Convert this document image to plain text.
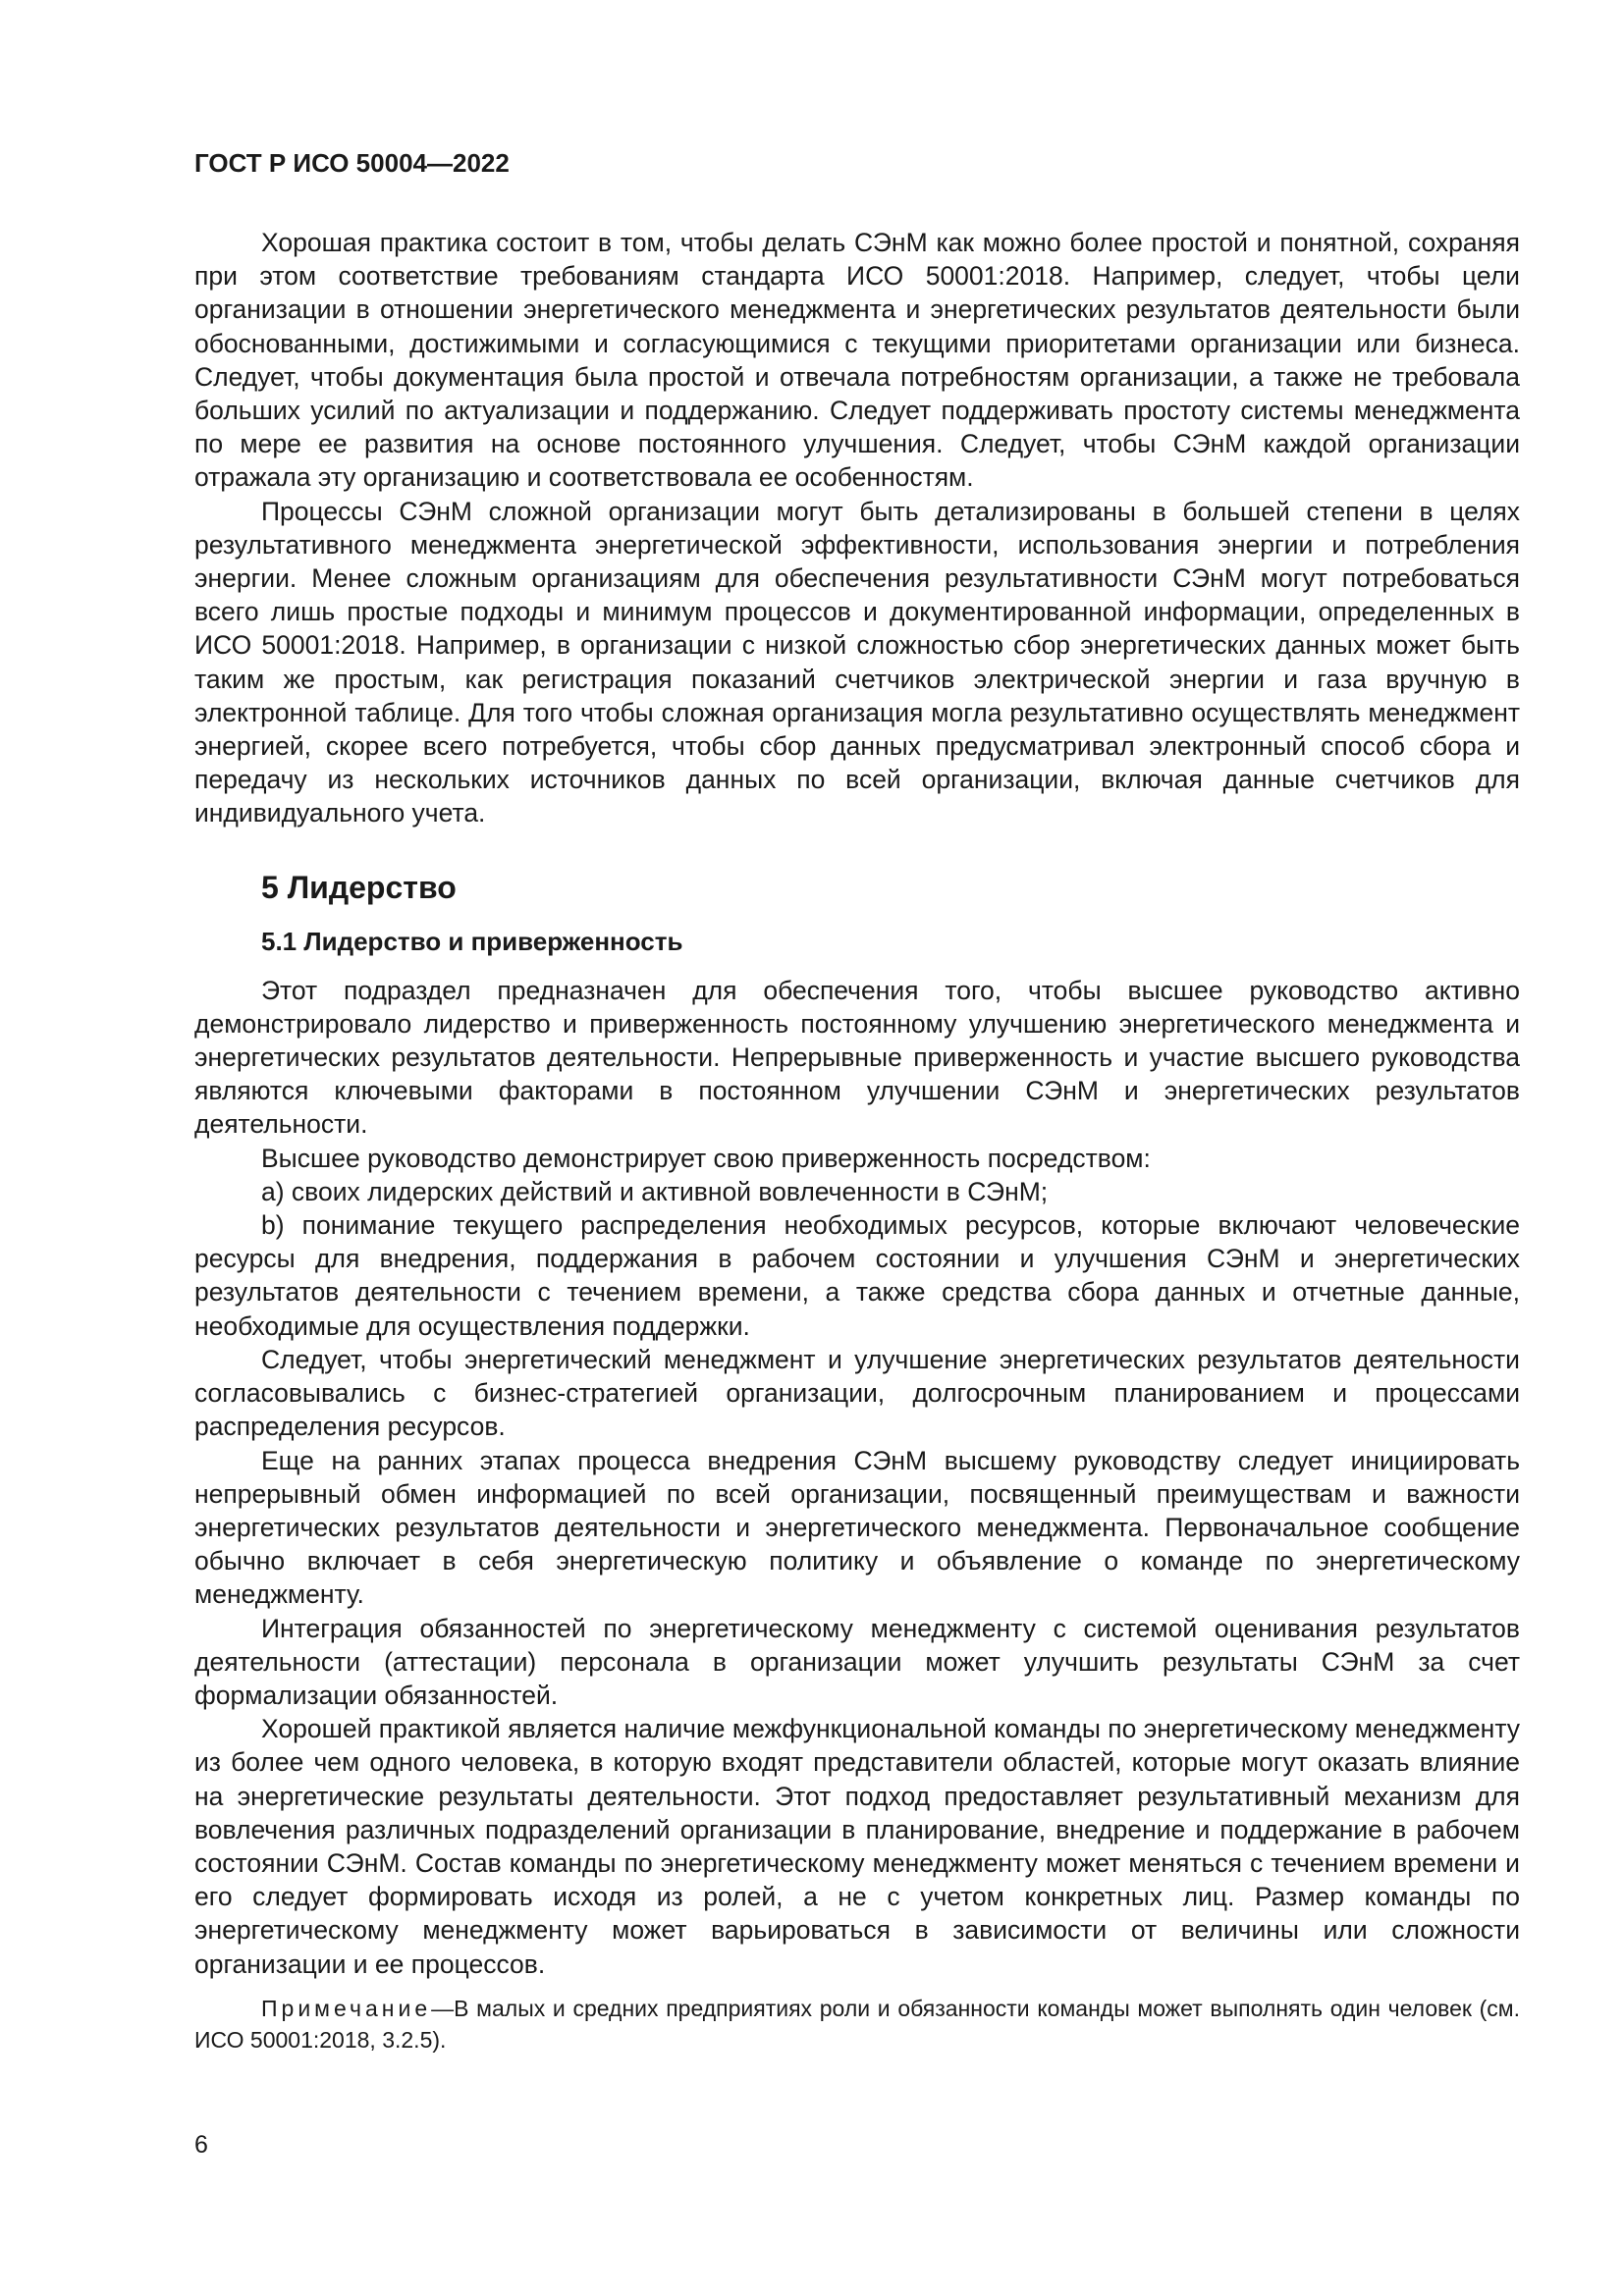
ГОСТ Р ИСО 50004—2022

Хорошая практика состоит в том, чтобы делать СЭнМ как можно более простой и понятной, сохраняя при этом соответствие требованиям стандарта ИСО 50001:2018. Например, следует, чтобы цели организации в отношении энергетического менеджмента и энергетических результатов деятельности были обоснованными, достижимыми и согласующимися с текущими приоритетами организации или бизнеса. Следует, чтобы документация была простой и отвечала потребностям организации, а также не требовала больших усилий по актуализации и поддержанию. Следует поддерживать простоту системы менеджмента по мере ее развития на основе постоянного улучшения. Следует, чтобы СЭнМ каждой организации отражала эту организацию и соответствовала ее особенностям.

Процессы СЭнМ сложной организации могут быть детализированы в большей степени в целях результативного менеджмента энергетической эффективности, использования энергии и потребления энергии. Менее сложным организациям для обеспечения результативности СЭнМ могут потребоваться всего лишь простые подходы и минимум процессов и документированной информации, определенных в ИСО 50001:2018. Например, в организации с низкой сложностью сбор энергетических данных может быть таким же простым, как регистрация показаний счетчиков электрической энергии и газа вручную в электронной таблице. Для того чтобы сложная организация могла результативно осуществлять менеджмент энергией, скорее всего потребуется, чтобы сбор данных предусматривал электронный способ сбора и передачу из нескольких источников данных по всей организации, включая данные счетчиков для индивидуального учета.

5 Лидерство
5.1 Лидерство и приверженность

Этот подраздел предназначен для обеспечения того, чтобы высшее руководство активно демонстрировало лидерство и приверженность постоянному улучшению энергетического менеджмента и энергетических результатов деятельности. Непрерывные приверженность и участие высшего руководства являются ключевыми факторами в постоянном улучшении СЭнМ и энергетических результатов деятельности.

Высшее руководство демонстрирует свою приверженность посредством:

а) своих лидерских действий и активной вовлеченности в СЭнМ;

b) понимание текущего распределения необходимых ресурсов, которые включают человеческие ресурсы для внедрения, поддержания в рабочем состоянии и улучшения СЭнМ и энергетических результатов деятельности с течением времени, а также средства сбора данных и отчетные данные, необходимые для осуществления поддержки.

Следует, чтобы энергетический менеджмент и улучшение энергетических результатов деятельности согласовывались с бизнес-стратегией организации, долгосрочным планированием и процессами распределения ресурсов.

Еще на ранних этапах процесса внедрения СЭнМ высшему руководству следует инициировать непрерывный обмен информацией по всей организации, посвященный преимуществам и важности энергетических результатов деятельности и энергетического менеджмента. Первоначальное сообщение обычно включает в себя энергетическую политику и объявление о команде по энергетическому менеджменту.

Интеграция обязанностей по энергетическому менеджменту с системой оценивания результатов деятельности (аттестации) персонала в организации может улучшить результаты СЭнМ за счет формализации обязанностей.

Хорошей практикой является наличие межфункциональной команды по энергетическому менеджменту из более чем одного человека, в которую входят представители областей, которые могут оказать влияние на энергетические результаты деятельности. Этот подход предоставляет результативный механизм для вовлечения различных подразделений организации в планирование, внедрение и поддержание в рабочем состоянии СЭнМ. Состав команды по энергетическому менеджменту может меняться с течением времени и его следует формировать исходя из ролей, а не с учетом конкретных лиц. Размер команды по энергетическому менеджменту может варьироваться в зависимости от величины или сложности организации и ее процессов.

Примечание—В малых и средних предприятиях роли и обязанности команды может выполнять один человек (см. ИСО 50001:2018, 3.2.5).

6
